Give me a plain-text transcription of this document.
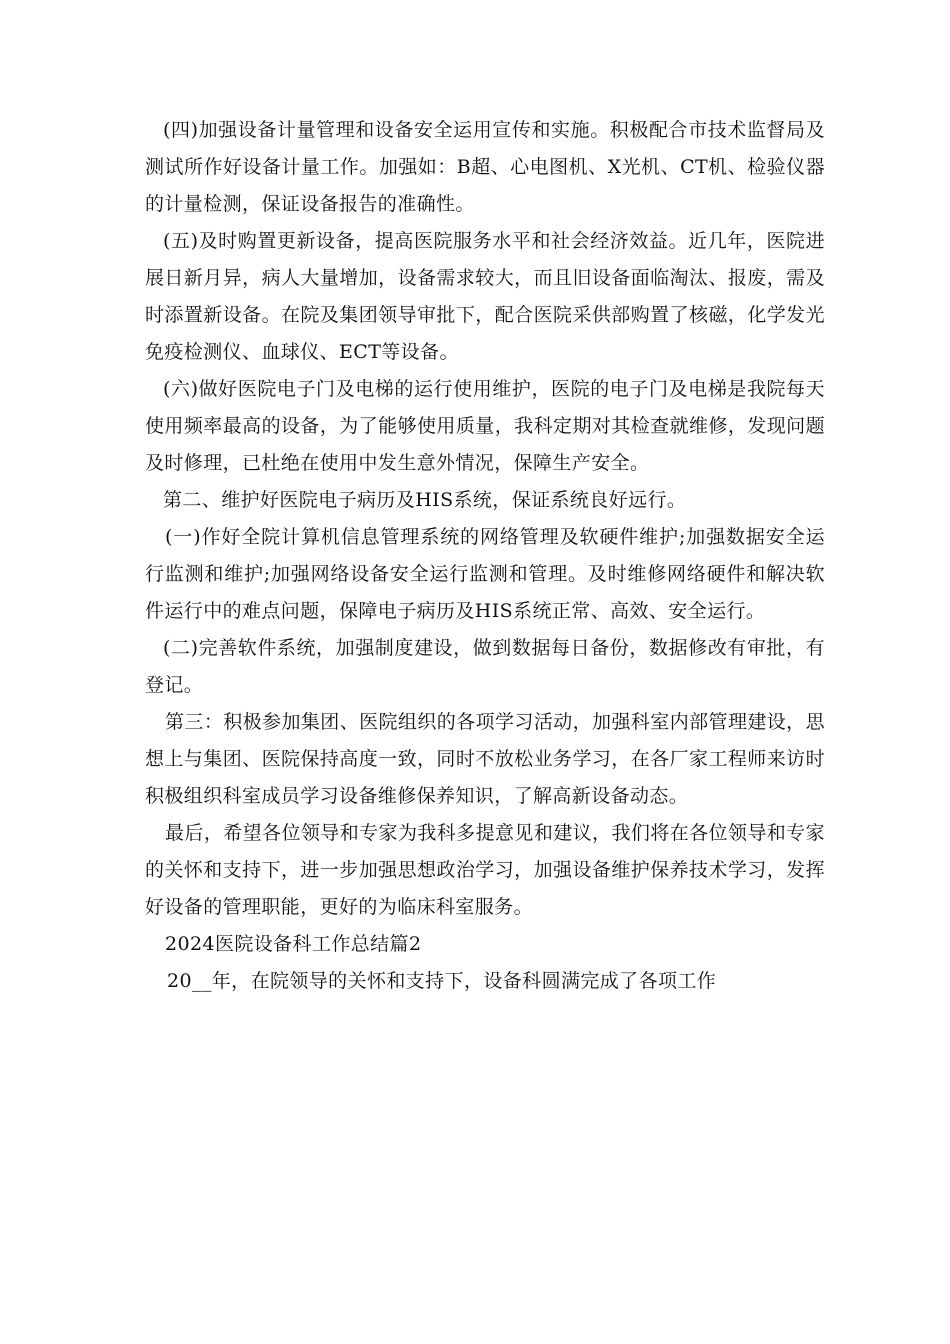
(四)加强设备计量管理和设备安全运用宣传和实施。积极配合市技术监督局及测试所作好设备计量工作。加强如：B超、心电图机、X光机、CT机、检验仪器的计量检测，保证设备报告的准确性。

(五)及时购置更新设备，提高医院服务水平和社会经济效益。近几年，医院进展日新月异，病人大量增加，设备需求较大，而且旧设备面临淘汰、报废，需及时添置新设备。在院及集团领导审批下，配合医院采供部购置了核磁，化学发光免疫检测仪、血球仪、ECT等设备。

(六)做好医院电子门及电梯的运行使用维护，医院的电子门及电梯是我院每天使用频率最高的设备，为了能够使用质量，我科定期对其检查就维修，发现问题及时修理，已杜绝在使用中发生意外情况，保障生产安全。

第二、维护好医院电子病历及HIS系统，保证系统良好远行。

(一)作好全院计算机信息管理系统的网络管理及软硬件维护;加强数据安全运行监测和维护;加强网络设备安全运行监测和管理。及时维修网络硬件和解决软件运行中的难点问题，保障电子病历及HIS系统正常、高效、安全运行。

(二)完善软件系统，加强制度建设，做到数据每日备份，数据修改有审批，有登记。

第三：积极参加集团、医院组织的各项学习活动，加强科室内部管理建设，思想上与集团、医院保持高度一致，同时不放松业务学习，在各厂家工程师来访时积极组织科室成员学习设备维修保养知识，了解高新设备动态。

最后，希望各位领导和专家为我科多提意见和建议，我们将在各位领导和专家的关怀和支持下，进一步加强思想政治学习，加强设备维护保养技术学习，发挥好设备的管理职能，更好的为临床科室服务。

2024医院设备科工作总结篇2

20__年，在院领导的关怀和支持下，设备科圆满完成了各项工作
